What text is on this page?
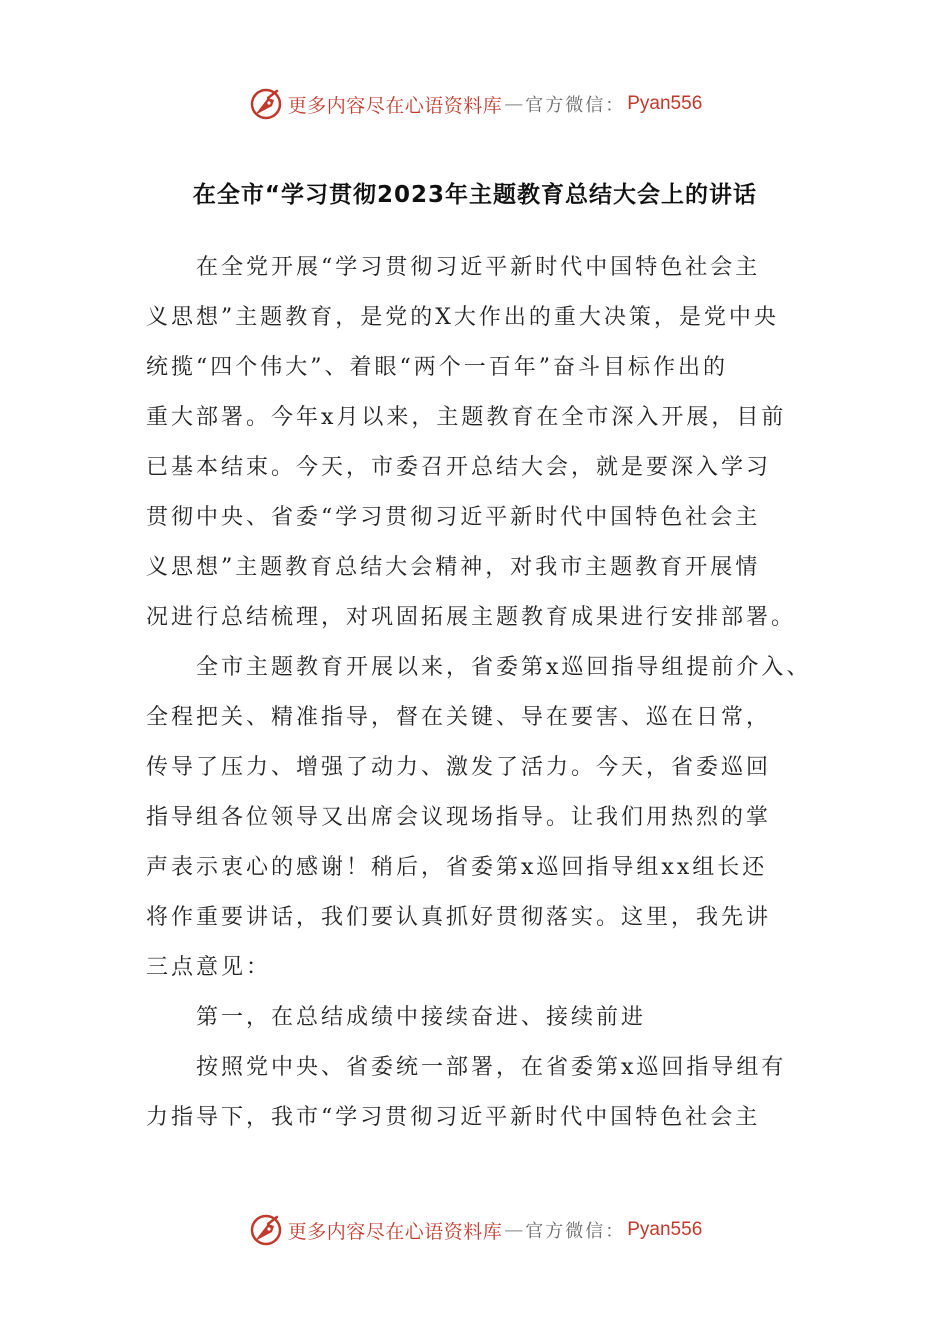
更多内容尽在心语资料库 — 官方微信： Pyan556
在全市“学习贯彻2023年主题教育总结大会上的讲话
在全党开展“学习贯彻习近平新时代中国特色社会主
义思想”主题教育，是党的X大作出的重大决策，是党中央
统揽“四个伟大”、着眼“两个一百年”奋斗目标作出的
重大部署。今年x月以来，主题教育在全市深入开展，目前
已基本结束。今天，市委召开总结大会，就是要深入学习
贯彻中央、省委“学习贯彻习近平新时代中国特色社会主
义思想”主题教育总结大会精神，对我市主题教育开展情
况进行总结梳理，对巩固拓展主题教育成果进行安排部署。
全市主题教育开展以来，省委第x巡回指导组提前介入、
全程把关、精准指导，督在关键、导在要害、巡在日常，
传导了压力、增强了动力、激发了活力。今天，省委巡回
指导组各位领导又出席会议现场指导。让我们用热烈的掌
声表示衷心的感谢！稍后，省委第x巡回指导组xx组长还
将作重要讲话，我们要认真抓好贯彻落实。这里，我先讲
三点意见：
第一，在总结成绩中接续奋进、接续前进
按照党中央、省委统一部署，在省委第x巡回指导组有
力指导下，我市“学习贯彻习近平新时代中国特色社会主
更多内容尽在心语资料库 — 官方微信： Pyan556
